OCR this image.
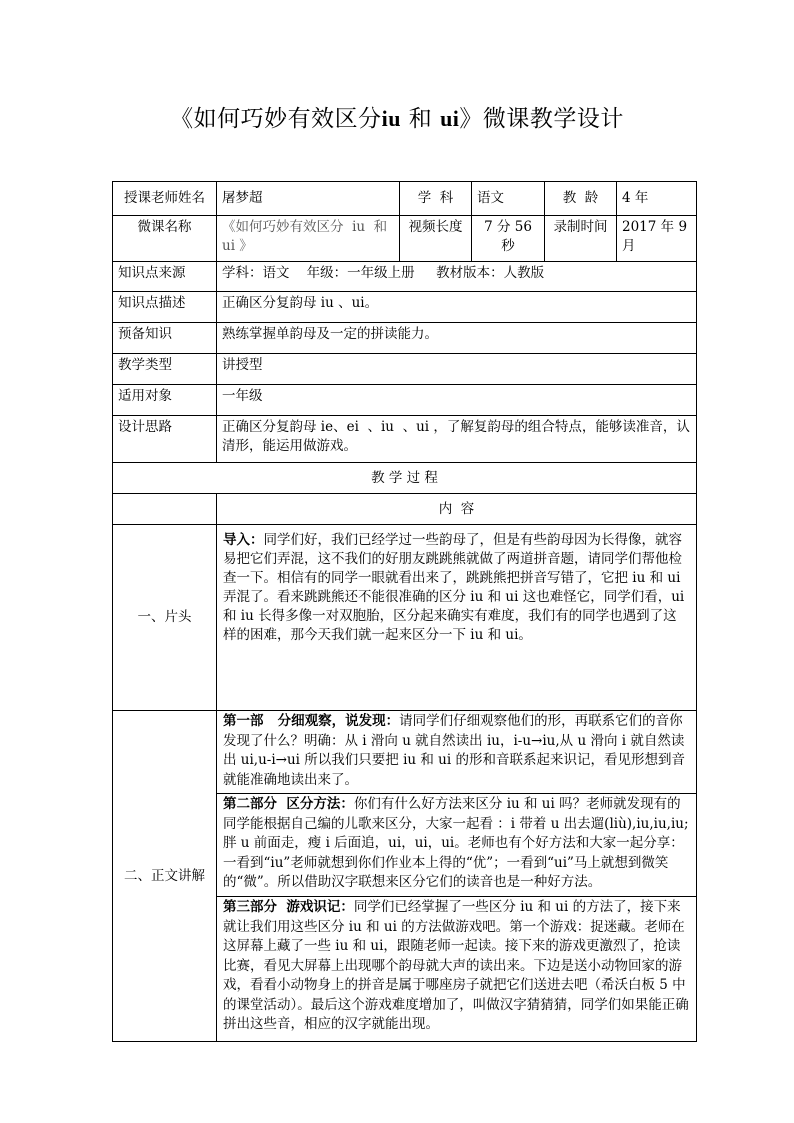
《如何巧妙有效区分iu 和 ui》微课教学设计
授课老师姓名	屠梦超	学  科	语文	教  龄	4 年
微课名称	《如何巧妙有效区分  iu  和 ui 》	视频长度	7 分 56 秒	录制时间	2017 年 9 月
知识点来源	学科：语文    年级：一年级上册     教材版本：人教版				
知识点描述	正确区分复韵母 iu 、ui。				
预备知识	熟练掌握单韵母及一定的拼读能力。				
教学类型	讲授型				
适用对象	一年级				
设计思路	正确区分复韵母 ie、ei  、iu  、ui ，了解复韵母的组合特点，能够读准音，认清形，能运用做游戏。				
教 学 过 程					
	内  容				
一、片头	导入：同学们好，我们已经学过一些韵母了，但是有些韵母因为长得像，就容易把它们弄混，这不我们的好朋友跳跳熊就做了两道拼音题，请同学们帮他检查一下。相信有的同学一眼就看出来了，跳跳熊把拼音写错了，它把 iu 和 ui 弄混了。看来跳跳熊还不能很准确的区分 iu 和 ui 这也难怪它，同学们看，ui 和 iu 长得多像一对双胞胎，区分起来确实有难度，我们有的同学也遇到了这样的困难，那今天我们就一起来区分一下 iu 和 ui。				
二、正文讲解	第一部   分细观察，说发现：请同学们仔细观察他们的形，再联系它们的音你发现了什么？明确：从 i 滑向 u 就自然读出 iu，i-u→iu,从 u 滑向 i 就自然读出 ui,u-i→ui 所以我们只要把 iu 和 ui 的形和音联系起来识记，看见形想到音就能准确地读出来了。
第二部分  区分方法：你们有什么好方法来区分 iu 和 ui 吗？老师就发现有的同学能根据自己编的儿歌来区分，大家一起看 ：i 带着 u 出去遛(liù),iu,iu,iu;胖 u 前面走，瘦 i 后面追，ui，ui，ui。老师也有个好方法和大家一起分享：一看到“iu”老师就想到你们作业本上得的“优”；一看到“ui”马上就想到微笑的“微”。所以借助汉字联想来区分它们的读音也是一种好方法。
第三部分  游戏识记：同学们已经掌握了一些区分 iu 和 ui 的方法了，接下来就让我们用这些区分 iu 和 ui 的方法做游戏吧。第一个游戏：捉迷藏。老师在这屏幕上藏了一些 iu 和 ui，跟随老师一起读。接下来的游戏更激烈了，抢读比赛，看见大屏幕上出现哪个韵母就大声的读出来。下边是送小动物回家的游戏，看看小动物身上的拼音是属于哪座房子就把它们送进去吧（希沃白板 5 中的课堂活动）。最后这个游戏难度增加了，叫做汉字猜猜猜，同学们如果能正确拼出这些音，相应的汉字就能出现。				
